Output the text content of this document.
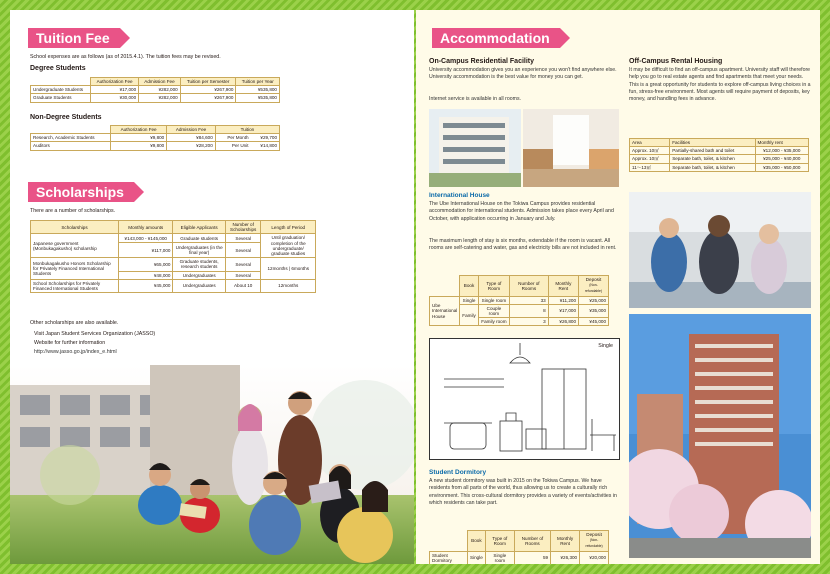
Tuition Fee
School expenses are as follows (as of 2015.4.1). The tuition fees may be revised.
Degree Students
	Authorization Fee	Admission Fee	Tuition per Semester	Tuition per Year
Undergraduate Students	¥17,000	¥282,000	¥267,900	¥535,800
Graduate Students	¥30,000	¥282,000	¥267,900	¥535,800
Non-Degree Students
	Authorization Fee	Admission Fee	Tuition	
Research, Academic Students	¥9,800	¥84,600	Per Month	¥29,700
Auditors	¥9,800	¥28,200	Per Unit	¥14,800
Scholarships
There are a number of scholarships.
Scholarships	Monthly amounts	Eligible Applicants	Number of Scholarships	Length of Period
Japanese government (Monbukagakusho) scholarship	¥143,000 - ¥145,000	Graduate students	Several	Until graduation/ completion of the undergraduate/ graduate studies
	¥117,000	Undergraduates (in the final year)	Several	
Monbukagakusho Honors Scholarship for Privately Financed International Students	¥65,000	Graduate students, research students	Several	12months | 6months
	¥48,000	Undergraduates	Several	
School Scholarships for Privately Financed International Students	¥45,000	Undergraduates	About 10	12months
Other scholarships are also available.
Visit Japan Student Services Organization (JASSO)
Website for further information
http://www.jasso.go.jp/index_e.html
Accommodation
On-Campus Residential Facility
University accommodation gives you an experience you won't find anywhere else. University accommodation is the best value for money you can get.
Internet service is available in all rooms.
Off-Campus Rental Housing
It may be difficult to find an off-campus apartment. University staff will therefore help you go to real estate agents and find apartments that meet your needs. This is a great opportunity for students to explore off-campus living choices in a fun, stress-free environment. Most agents will require payment of deposits, key money, and handling fees in advance.
Area	Facilities	Monthly rent
Approx. 10㎡	Partially-shared bath and toilet	¥12,000 - ¥35,000
Approx. 10㎡	Separate bath, toilet, & kitchen	¥25,000 - ¥40,000
11～13㎡	Separate bath, toilet, & kitchen	¥35,000 - ¥50,000
International House
The Ube International House on the Tokiwa Campus provides residential accommodation for international students. Admission takes place every April and October, with application occurring in January and July.
The maximum length of stay is six months, extendable if the room is vacant. All rooms are self-catering and water, gas and electricity bills are not included in rent.
	Book	Type of Room	Number of Rooms	Monthly Rent	Deposit
(Non- refundable)
Ube International House	Single	Single room	33	¥11,200	¥25,000
	Family	Couple room	8	¥17,000	¥35,000
		Family room	3	¥26,800	¥45,000
Single
Student Dormitory
A new student dormitory was built in 2015 on the Tokiwa Campus. We have residents from all parts of the world, thus allowing us to create a culturally rich environment. This cross-cultural dormitory provides a variety of events/activities in which residents can take part.
	Book	Type of Room	Number of Rooms	Monthly Rent	Deposit
(Non- refundable)
Student Dormitory	Single	Single room	59	¥26,300	¥20,000
